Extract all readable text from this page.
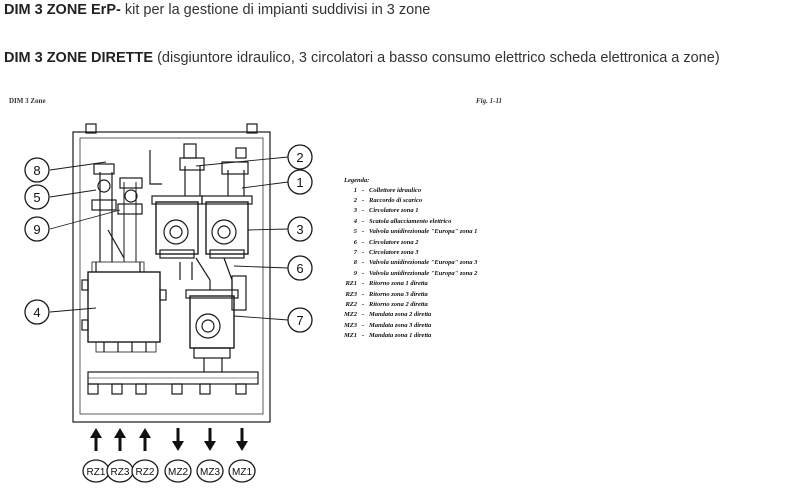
DIM 3 ZONE ErP- kit per la gestione di impianti suddivisi in 3 zone
DIM 3 ZONE DIRETTE (disgiuntore idraulico, 3 circolatori a basso consumo elettrico scheda elettronica a zone)
DIM 3 Zone	Fig. 1-11
8
5
9
4
2
1
3
6
7
RZ1 RZ3 RZ2 MZ2 MZ3 MZ1
Legenda:
1 - Collettore idraulico
2 - Raccordo di scarico
3 - Circolatore zona 1
4 - Scatola allacciamento elettrico
5 - Valvola unidirezionale "Europa" zona 1
6 - Circolatore zona 2
7 - Circolatore zona 3
8 - Valvola unidirezionale "Europa" zona 3
9 - Valvola unidirezionale "Europa" zona 2
RZ1 - Ritorno zona 1 diretta
RZ3 - Ritorno zona 3 diretta
RZ2 - Ritorno zona 2 diretta
MZ2 - Mandata zona 2 diretta
MZ3 - Mandata zona 3 diretta
MZ1 - Mandata zona 1 diretta
